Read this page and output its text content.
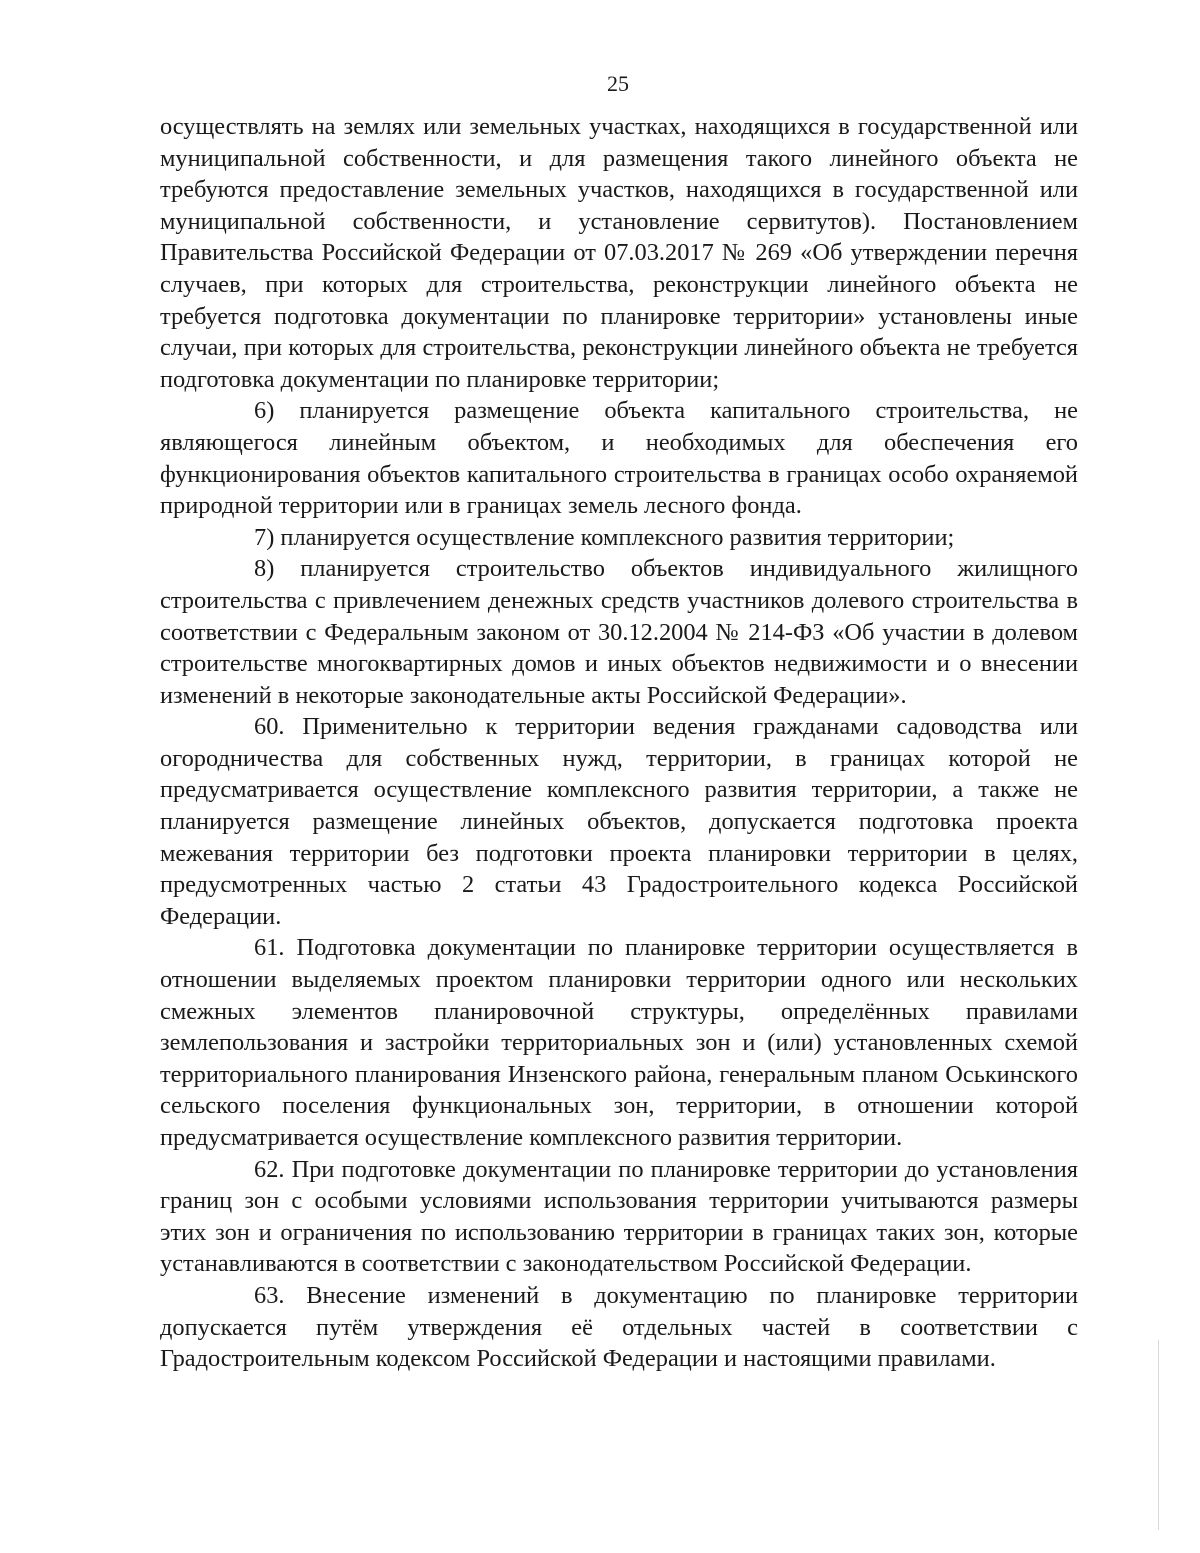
25

осуществлять на землях или земельных участках, находящихся в государственной или муниципальной собственности, и для размещения такого линейного объекта не требуются предоставление земельных участков, находящихся в государственной или муниципальной собственности, и установление сервитутов). Постановлением Правительства Российской Федерации от 07.03.2017 № 269 «Об утверждении перечня случаев, при которых для строительства, реконструкции линейного объекта не требуется подготовка документации по планировке территории» установлены иные случаи, при которых для строительства, реконструкции линейного объекта не требуется подготовка документации по планировке территории;

6) планируется размещение объекта капитального строительства, не являющегося линейным объектом, и необходимых для обеспечения его функционирования объектов капитального строительства в границах особо охраняемой природной территории или в границах земель лесного фонда.

7) планируется осуществление комплексного развития территории;

8) планируется строительство объектов индивидуального жилищного строительства с привлечением денежных средств участников долевого строительства в соответствии с Федеральным законом от 30.12.2004 № 214-ФЗ «Об участии в долевом строительстве многоквартирных домов и иных объектов недвижимости и о внесении изменений в некоторые законодательные акты Российской Федерации».

60. Применительно к территории ведения гражданами садоводства или огородничества для собственных нужд, территории, в границах которой не предусматривается осуществление комплексного развития территории, а также не планируется размещение линейных объектов, допускается подготовка проекта межевания территории без подготовки проекта планировки территории в целях, предусмотренных частью 2 статьи 43 Градостроительного кодекса Российской Федерации.

61. Подготовка документации по планировке территории осуществляется в отношении выделяемых проектом планировки территории одного или нескольких смежных элементов планировочной структуры, определённых правилами землепользования и застройки территориальных зон и (или) установленных схемой территориального планирования Инзенского района, генеральным планом Оськинского сельского поселения функциональных зон, территории, в отношении которой предусматривается осуществление комплексного развития территории.

62. При подготовке документации по планировке территории до установления границ зон с особыми условиями использования территории учитываются размеры этих зон и ограничения по использованию территории в границах таких зон, которые устанавливаются в соответствии с законодательством Российской Федерации.

63. Внесение изменений в документацию по планировке территории допускается путём утверждения её отдельных частей в соответствии с Градостроительным кодексом Российской Федерации и настоящими правилами.
